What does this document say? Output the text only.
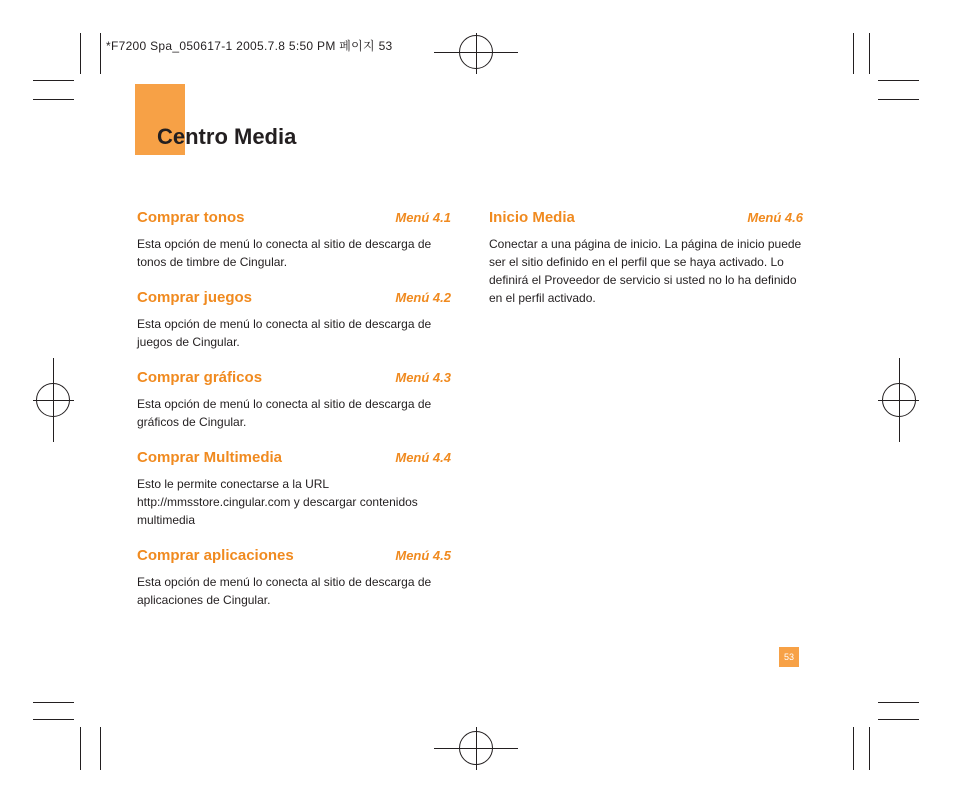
*F7200 Spa_050617-1 2005.7.8 5:50 PM 페이지 53
Centro Media
Comprar tonos	Menú 4.1
Esta opción de menú lo conecta al sitio de descarga de tonos de timbre de Cingular.
Comprar juegos	Menú 4.2
Esta opción de menú lo conecta al sitio de descarga de juegos de Cingular.
Comprar gráficos	Menú 4.3
Esta opción de menú lo conecta al sitio de descarga de gráficos de Cingular.
Comprar Multimedia	Menú 4.4
Esto le permite conectarse a la URL http://mmsstore.cingular.com y descargar contenidos multimedia
Comprar aplicaciones	Menú 4.5
Esta opción de menú lo conecta al sitio de descarga de aplicaciones de Cingular.
Inicio Media	Menú 4.6
Conectar a una página de inicio. La página de inicio puede ser el sitio definido en el perfil que se haya activado. Lo definirá el Proveedor de servicio si usted no lo ha definido en el perfil activado.
53
